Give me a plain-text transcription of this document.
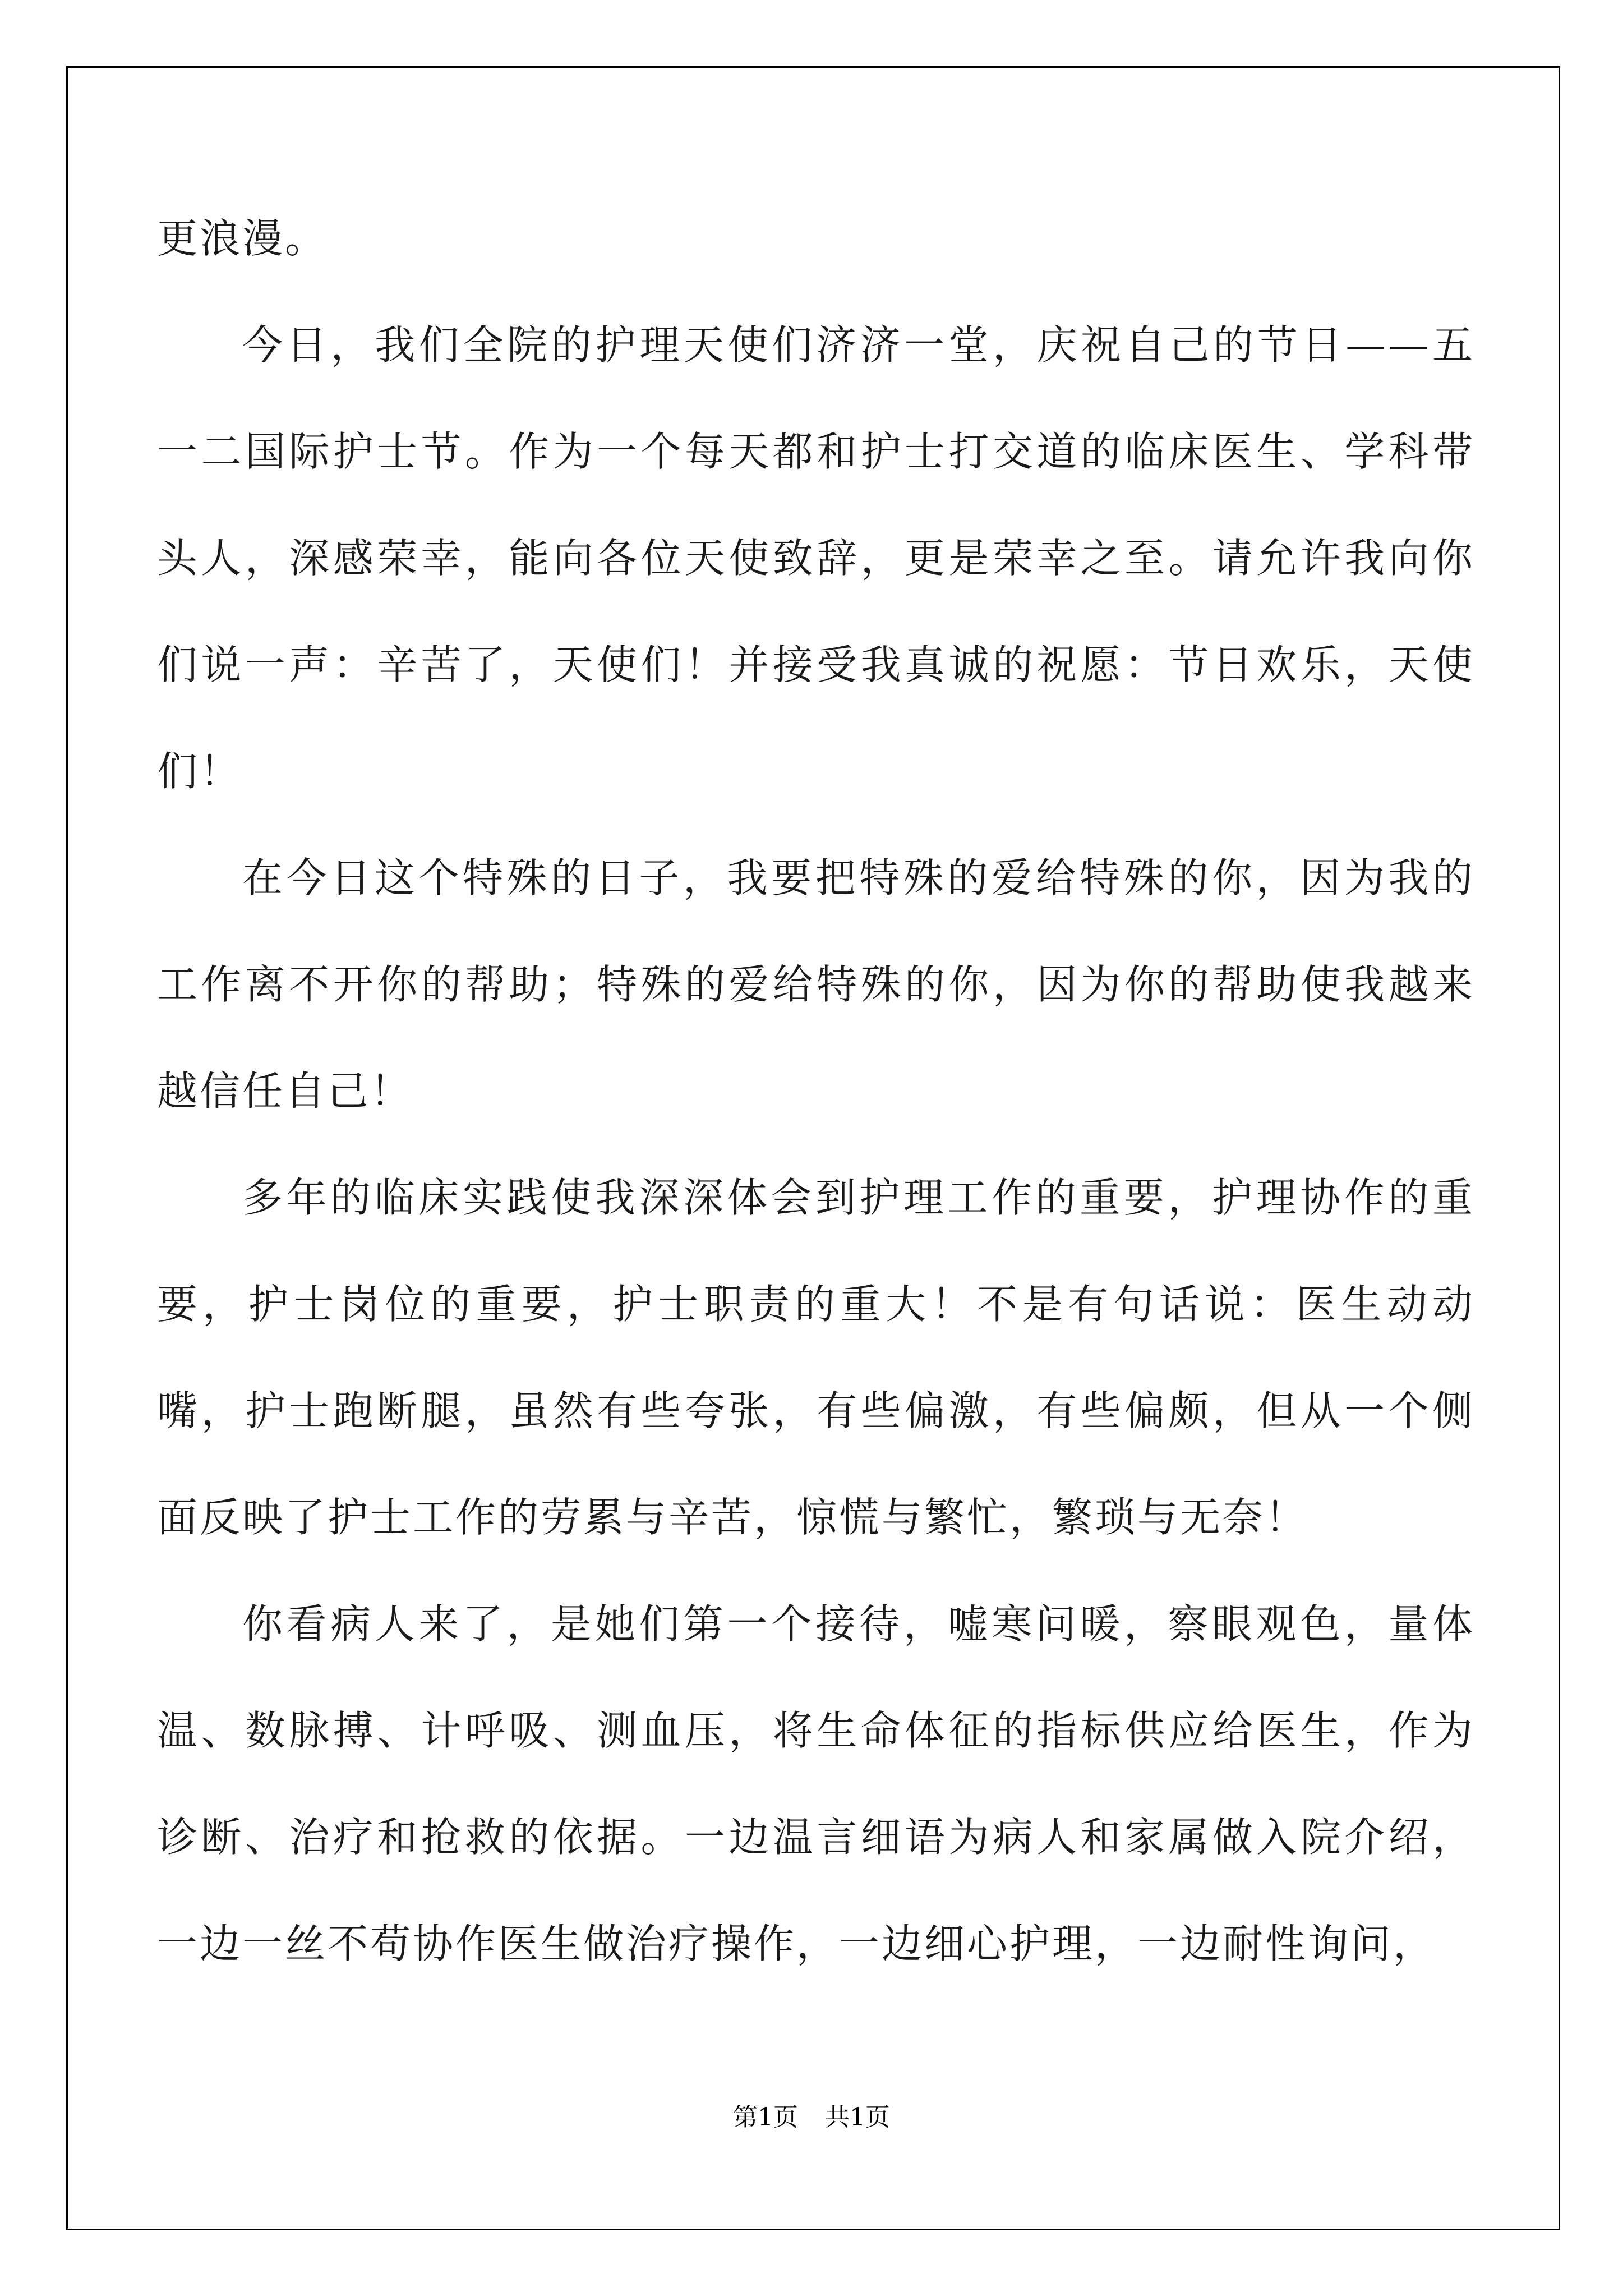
更浪漫。

今日，我们全院的护理天使们济济一堂，庆祝自己的节日——五一二国际护士节。作为一个每天都和护士打交道的临床医生、学科带头人，深感荣幸，能向各位天使致辞，更是荣幸之至。请允许我向你们说一声：辛苦了，天使们！并接受我真诚的祝愿：节日欢乐，天使们！

在今日这个特殊的日子，我要把特殊的爱给特殊的你，因为我的工作离不开你的帮助；特殊的爱给特殊的你，因为你的帮助使我越来越信任自己！

多年的临床实践使我深深体会到护理工作的重要，护理协作的重要，护士岗位的重要，护士职责的重大！不是有句话说：医生动动嘴，护士跑断腿，虽然有些夸张，有些偏激，有些偏颇，但从一个侧面反映了护士工作的劳累与辛苦，惊慌与繁忙，繁琐与无奈！

你看病人来了，是她们第一个接待，嘘寒问暖，察眼观色，量体温、数脉搏、计呼吸、测血压，将生命体征的指标供应给医生，作为诊断、治疗和抢救的依据。一边温言细语为病人和家属做入院介绍，一边一丝不苟协作医生做治疗操作，一边细心护理，一边耐性询问，

第1页 共1页
